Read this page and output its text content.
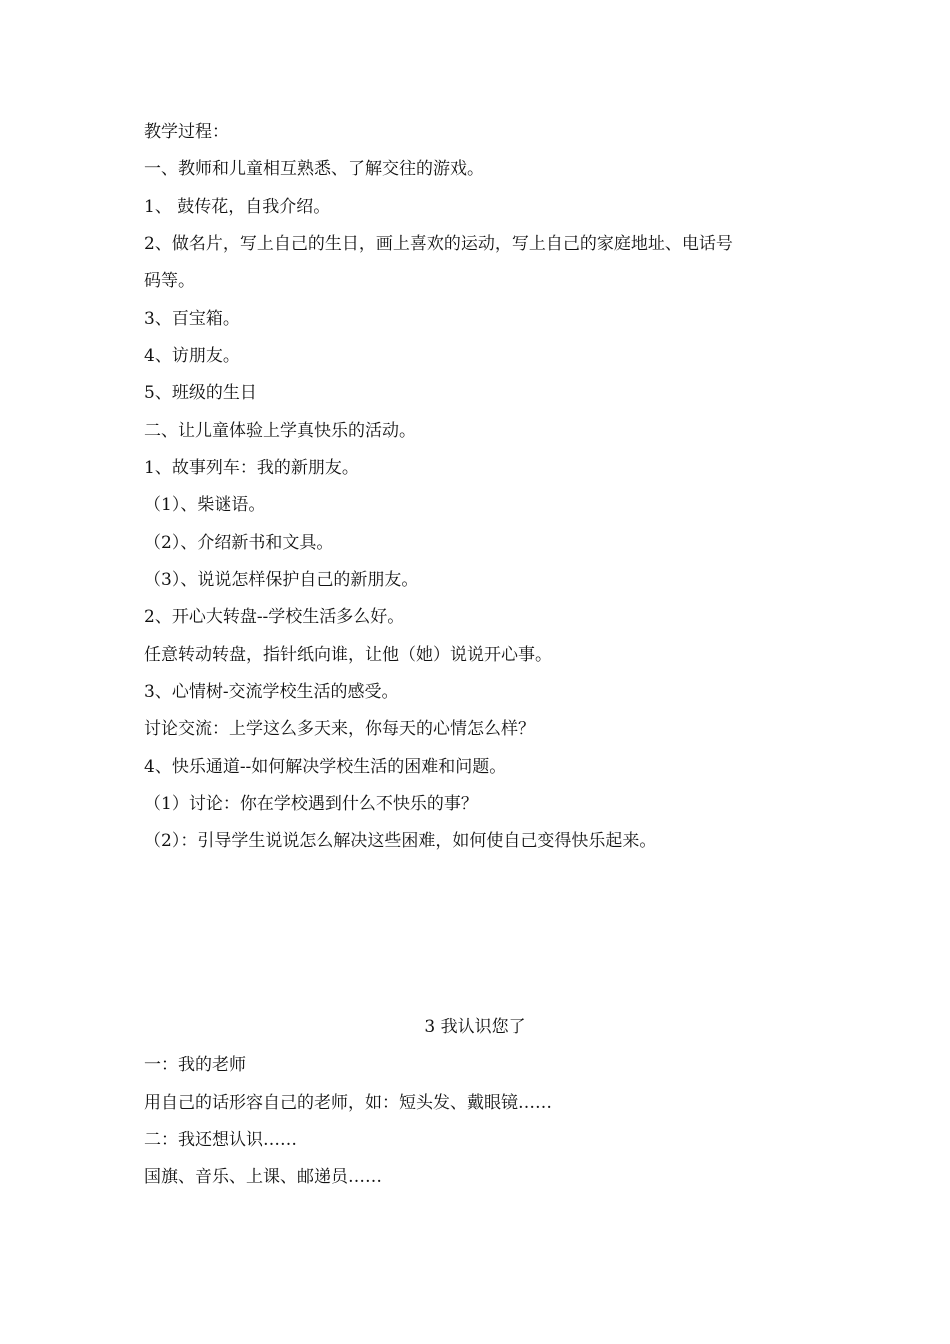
教学过程：
一、教师和儿童相互熟悉、了解交往的游戏。
1、 鼓传花，自我介绍。
2、做名片，写上自己的生日，画上喜欢的运动，写上自己的家庭地址、电话号
码等。
3、百宝箱。
4、访朋友。
5、班级的生日
二、让儿童体验上学真快乐的活动。
1、故事列车：我的新朋友。
（1）、柴谜语。
（2）、介绍新书和文具。
（3）、说说怎样保护自己的新朋友。
2、开心大转盘--学校生活多么好。
任意转动转盘，指针纸向谁，让他（她）说说开心事。
3、心情树-交流学校生活的感受。
讨论交流：上学这么多天来，你每天的心情怎么样？
4、快乐通道--如何解决学校生活的困难和问题。
（1）讨论：你在学校遇到什么不快乐的事？
（2）：引导学生说说怎么解决这些困难，如何使自己变得快乐起来。
3 我认识您了
一：我的老师
用自己的话形容自己的老师，如：短头发、戴眼镜……
二：我还想认识……
国旗、音乐、上课、邮递员……
